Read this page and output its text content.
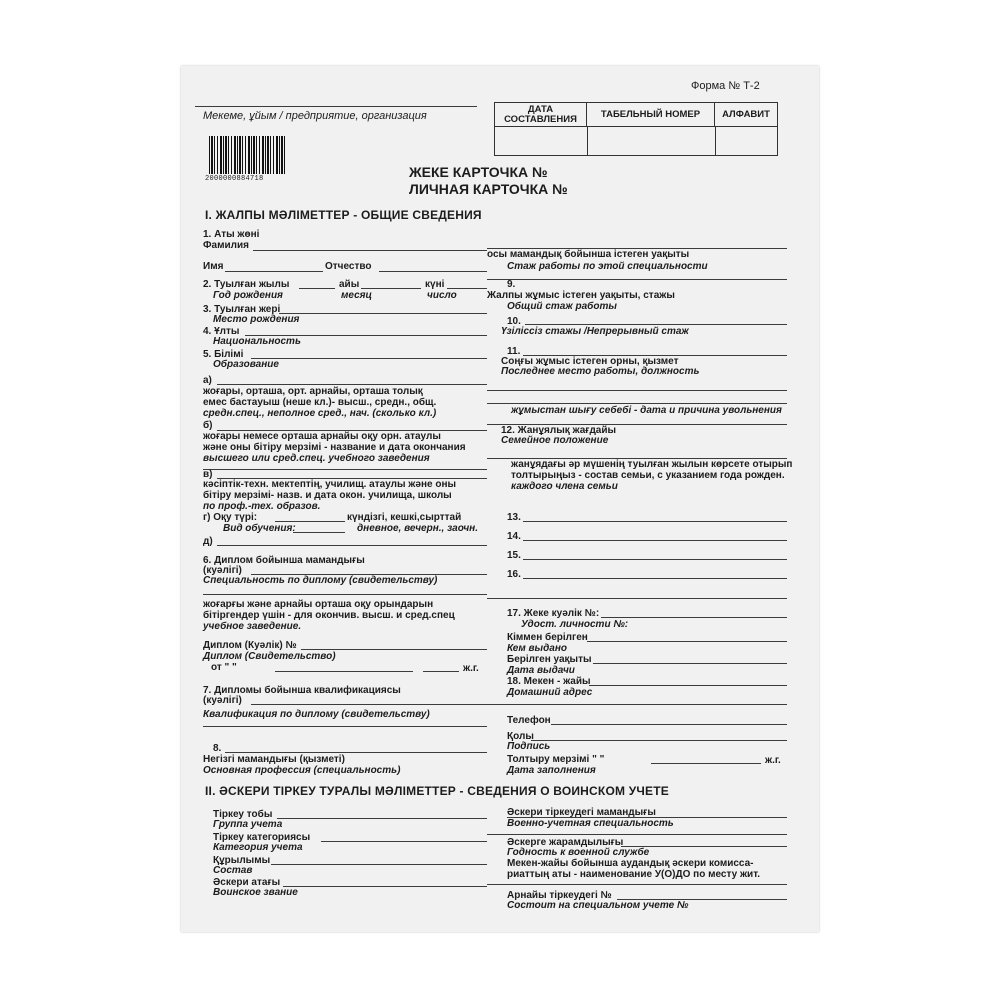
Форма № Т-2
Мекеме, ұйым / предприятие, организация
ДАТА
СОСТАВЛЕНИЯ	ТАБЕЛЬНЫЙ НОМЕР	АЛФАВИТ
2000000884718	ЖЕКЕ КАРТОЧКА №
ЛИЧНАЯ КАРТОЧКА №
I. ЖАЛПЫ МӘЛІМЕТТЕР - ОБЩИЕ СВЕДЕНИЯ
1. Аты жөні
Фамилия
Имя	Отчество
2. Туылған жылы
Год рождения
айы
месяц
күні
число
3. Туылған жері
Место рождения
4. Ұлты
Национальность
5. Білімі
Образование
а)
жоғары, орташа, орт. арнайы, орташа толық
емес бастауыш (неше кл.)- высш., средн., общ.
средн.спец., неполное сред., нач. (сколько кл.)
б)
жоғары немесе орташа арнайы оқу орн. атаулы
және оны бітіру мерзімі - название и дата окончания
высшего или сред.спец. учебного заведения
в)
кәсіптік-техн. мектептің, училищ. атаулы және оны
бітіру мерзімі- назв. и дата окон. училища, школы
по проф.-тех. образов.
г) Оқу түрі:	күндізгі, кешкі,сырттай
Вид обучения:	дневное, вечерн., заочн.
д)
6. Диплом бойынша мамандығы
(куәлігі)
Специальность по диплому (свидетельству)
жоғарғы және арнайы орташа оқу орындарын
бітіргендер үшін - для окончив. высш. и сред.спец
учебное заведение.
Диплом (Куәлік) №
Диплом (Свидетельство)
от " "	ж.г.
7. Дипломы бойынша квалификациясы
(куәлігі)
Квалификация по диплому (свидетельству)
8.
Негізгі мамандығы (қызметі)
Основная профессия (специальность)
осы мамандық бойынша істеген уақыты
Стаж работы по этой специальности
9.
Жалпы жұмыс істеген уақыты, стажы
Общий стаж работы
10.
Үзіліссіз стажы /Непрерывный стаж
11.
Соңғы жұмыс істеген орны, қызмет
Последнее место работы, должность
жұмыстан шығу себебі - дата и причина увольнения
12. Жанұялық жағдайы
Семейное положение
жанұядағы әр мүшенің туылған жылын көрсете отырып
толтырыңыз - состав семьи, с указанием года рожден.
каждого члена семьи
13.
14.
15.
16.
17. Жеке куәлік №:
Удост. личности №:
Кіммен берілген
Кем выдано
Берілген уақыты
Дата выдачи
18. Мекен - жайы
Домашний адрес
Телефон
Қолы
Подпись
Толтыру мерзімі " "	ж.г.
Дата заполнения
II. ӘСКЕРИ ТІРКЕУ ТУРАЛЫ МӘЛІМЕТТЕР - СВЕДЕНИЯ О ВОИНСКОМ УЧЕТЕ
Тіркеу тобы
Группа учета
Тіркеу категориясы
Категория учета
Құрылымы
Состав
Әскери атағы
Воинское звание
Әскери тіркеудегі мамандығы
Военно-учетная специальность
Әскерге жарамдылығы
Годность к военной службе
Мекен-жайы бойынша аудандық әскери комисса-
риаттың аты - наименование У(О)ДО по месту жит.
Арнайы тіркеудегі №
Состоит на специальном учете №
